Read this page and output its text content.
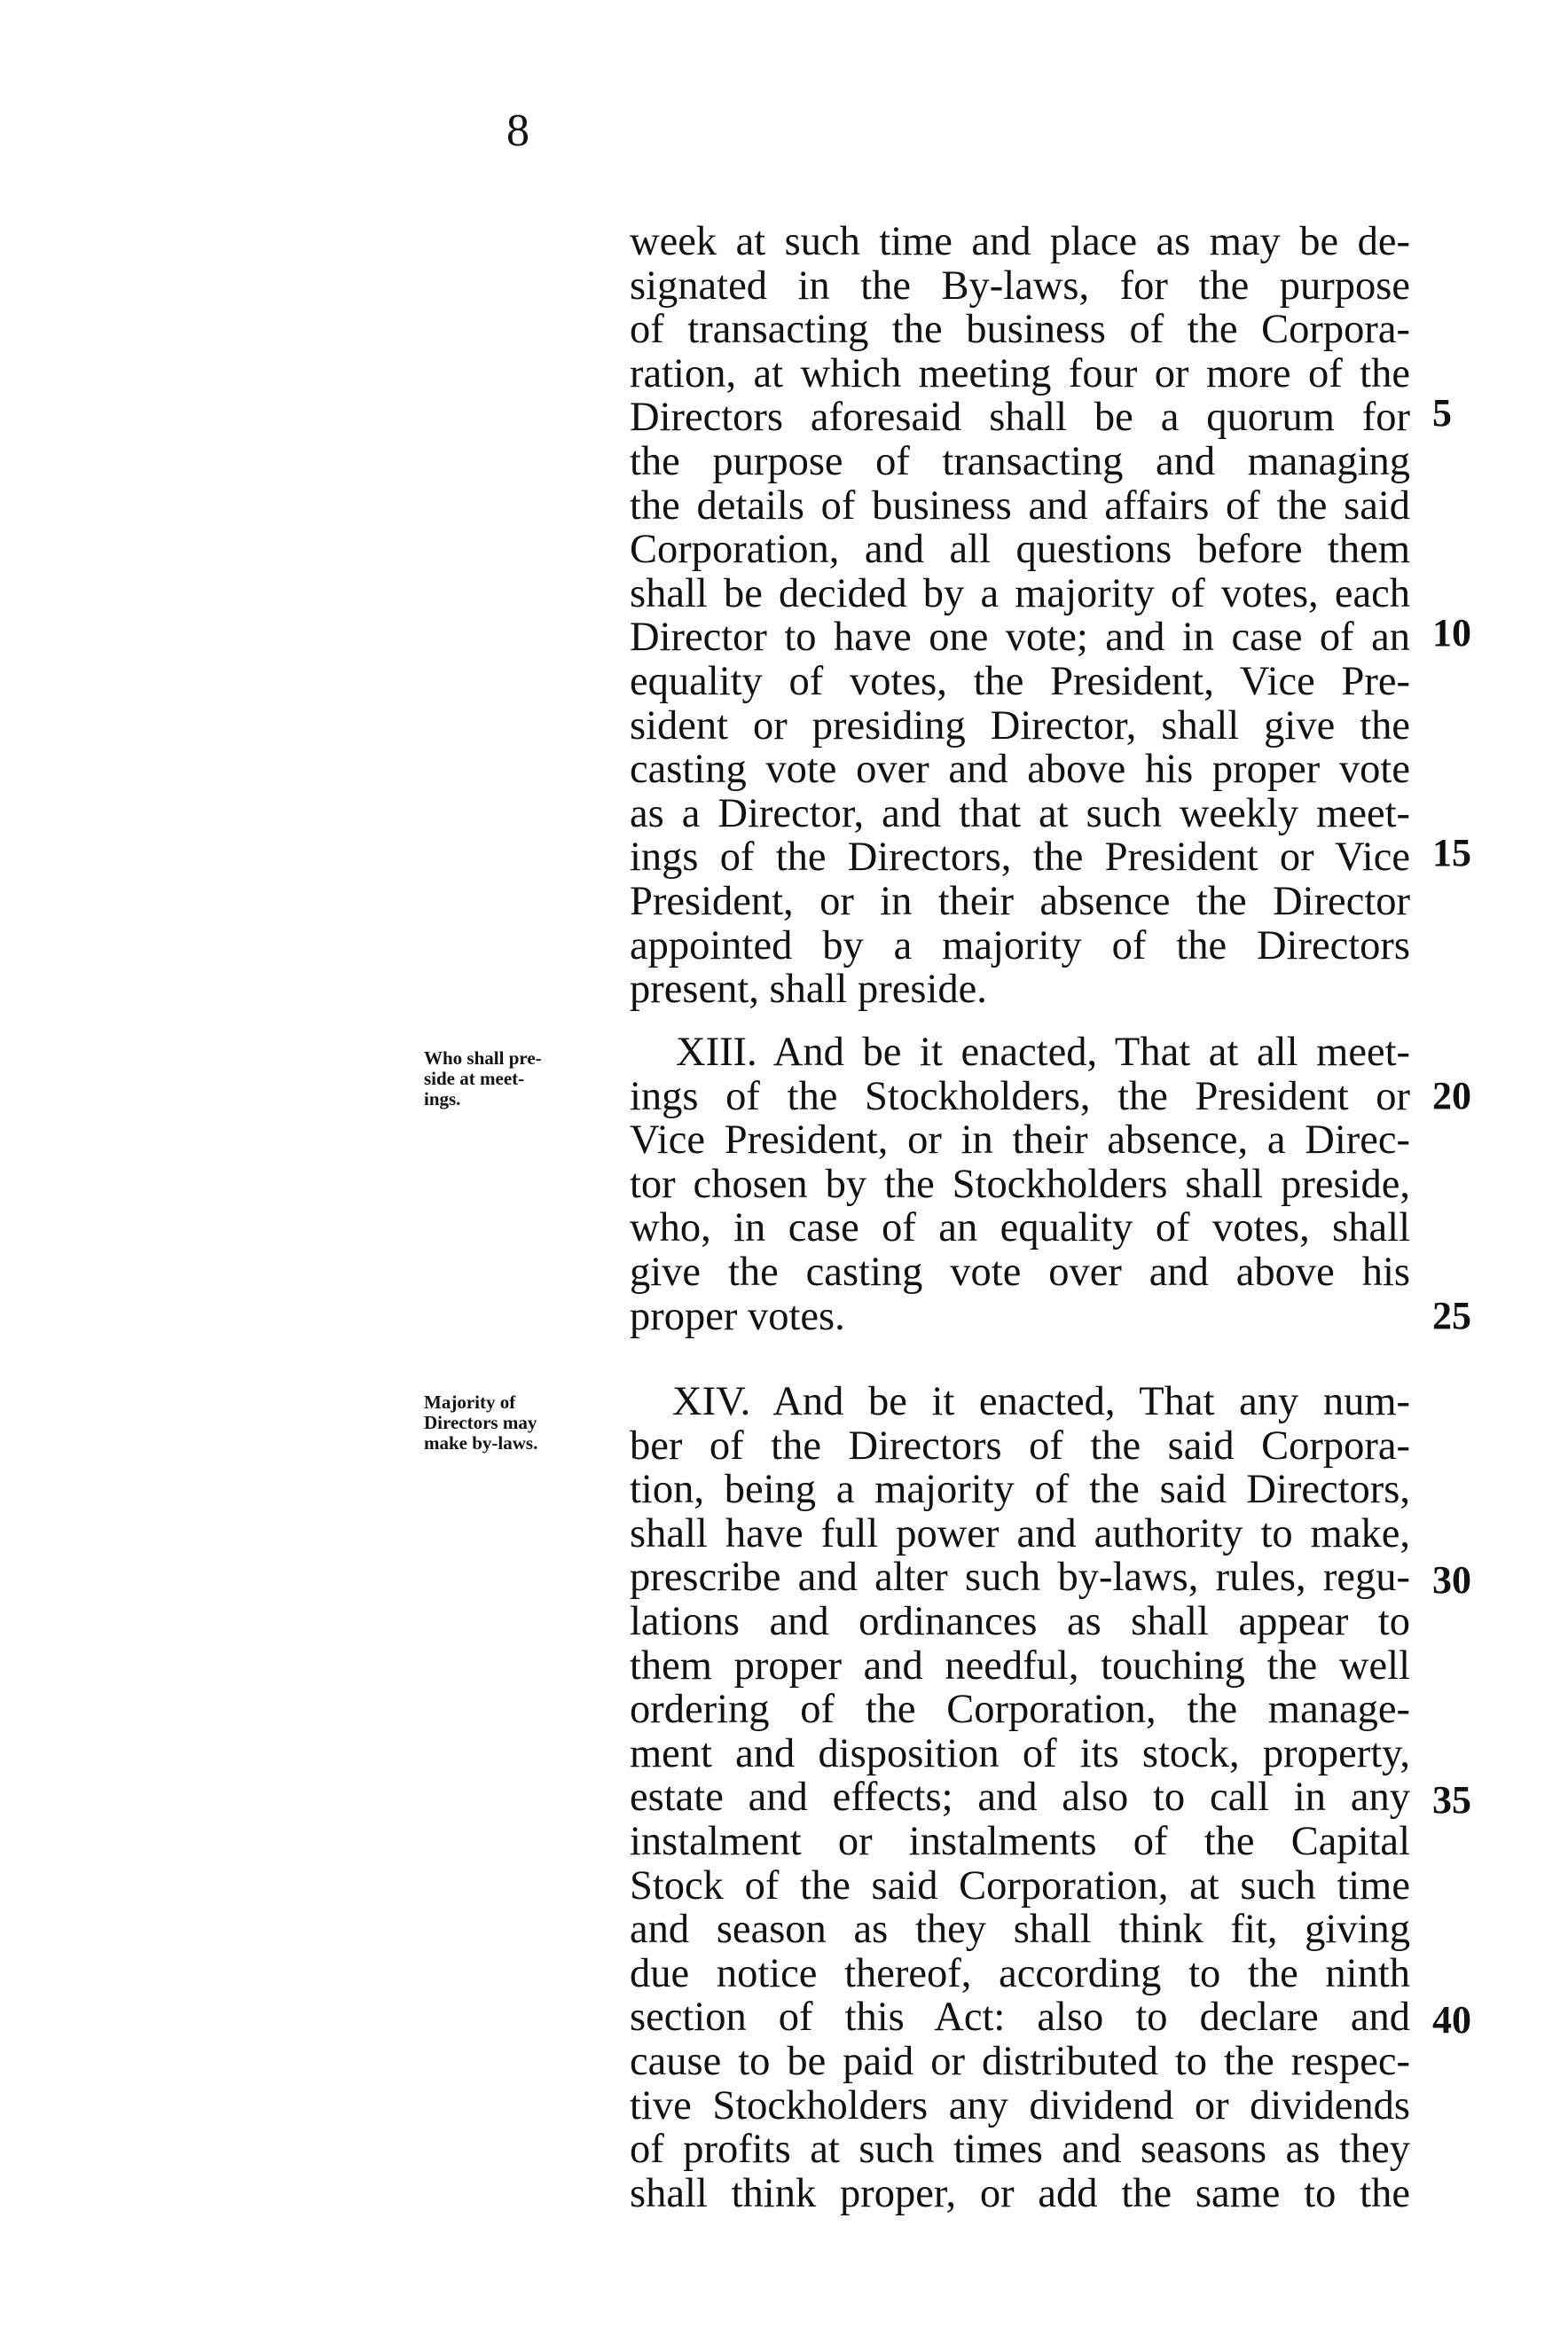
8
week at such time and place as may be de-
signated in the By-laws, for the purpose
of transacting the business of the Corpora-
ration, at which meeting four or more of the
Directors aforesaid shall be a quorum for
the purpose of transacting and managing
the details of business and affairs of the said
Corporation, and all questions before them
shall be decided by a majority of votes, each
Director to have one vote; and in case of an
equality of votes, the President, Vice Pre-
sident or presiding Director, shall give the
casting vote over and above his proper vote
as a Director, and that at such weekly meet-
ings of the Directors, the President or Vice
President, or in their absence the Director
appointed by a majority of the Directors
present, shall preside.
Who shall pre-
side at meet-
ings.
XIII. And be it enacted, That at all meet-
ings of the Stockholders, the President or
Vice President, or in their absence, a Direc-
tor chosen by the Stockholders shall preside,
who, in case of an equality of votes, shall
give the casting vote over and above his
proper votes.
Majority of
Directors may
make by-laws.
XIV. And be it enacted, That any num-
ber of the Directors of the said Corpora-
tion, being a majority of the said Directors,
shall have full power and authority to make,
prescribe and alter such by-laws, rules, regu-
lations and ordinances as shall appear to
them proper and needful, touching the well
ordering of the Corporation, the manage-
ment and disposition of its stock, property,
estate and effects; and also to call in any
instalment or instalments of the Capital
Stock of the said Corporation, at such time
and season as they shall think fit, giving
due notice thereof, according to the ninth
section of this Act: also to declare and
cause to be paid or distributed to the respec-
tive Stockholders any dividend or dividends
of profits at such times and seasons as they
shall think proper, or add the same to the
5
10
15
20
25
30
35
40
